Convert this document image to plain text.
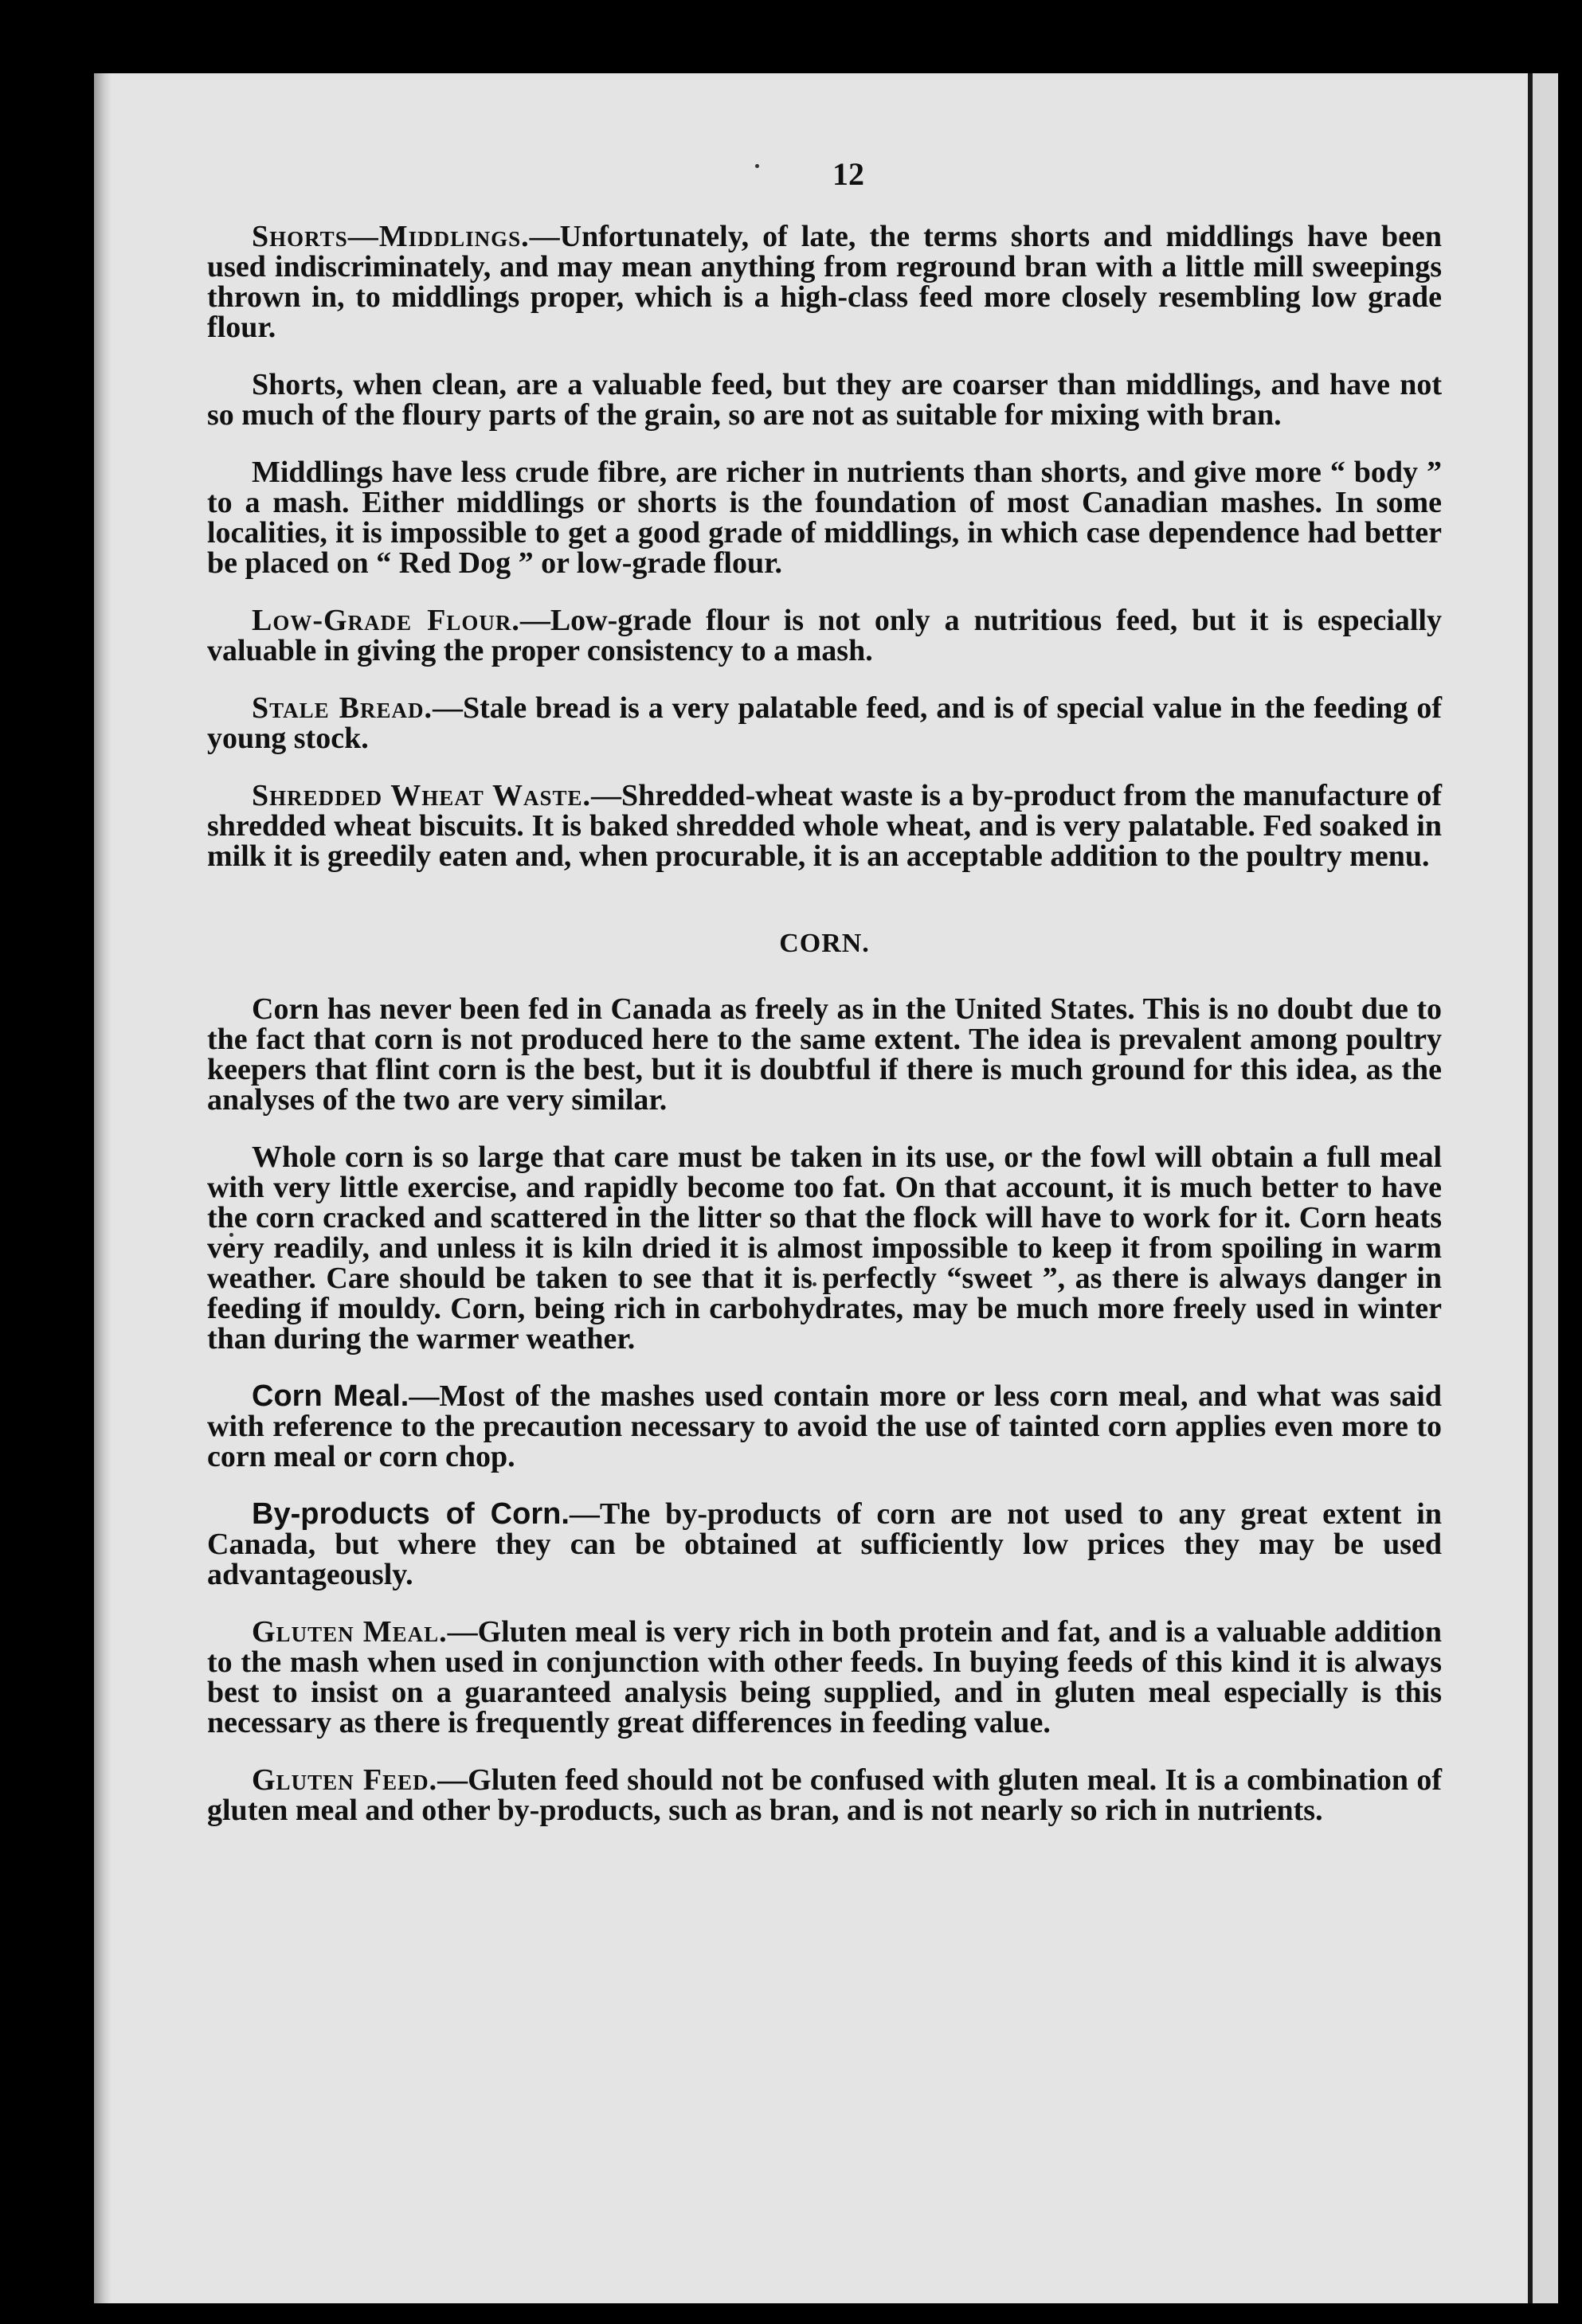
12

Shorts—Middlings.—Unfortunately, of late, the terms shorts and middlings have been used indiscriminately, and may mean anything from reground bran with a little mill sweepings thrown in, to middlings proper, which is a high-class feed more closely resembling low grade flour.

Shorts, when clean, are a valuable feed, but they are coarser than middlings, and have not so much of the floury parts of the grain, so are not as suitable for mixing with bran.

Middlings have less crude fibre, are richer in nutrients than shorts, and give more “ body ” to a mash. Either middlings or shorts is the foundation of most Canadian mashes. In some localities, it is impossible to get a good grade of middlings, in which case dependence had better be placed on “ Red Dog ” or low-grade flour.

Low-Grade Flour.—Low-grade flour is not only a nutritious feed, but it is especially valuable in giving the proper consistency to a mash.

Stale Bread.—Stale bread is a very palatable feed, and is of special value in the feeding of young stock.

Shredded Wheat Waste.—Shredded-wheat waste is a by-product from the manufacture of shredded wheat biscuits. It is baked shredded whole wheat, and is very palatable. Fed soaked in milk it is greedily eaten and, when procurable, it is an acceptable addition to the poultry menu.

CORN.

Corn has never been fed in Canada as freely as in the United States. This is no doubt due to the fact that corn is not produced here to the same extent. The idea is prevalent among poultry keepers that flint corn is the best, but it is doubtful if there is much ground for this idea, as the analyses of the two are very similar.

Whole corn is so large that care must be taken in its use, or the fowl will obtain a full meal with very little exercise, and rapidly become too fat. On that account, it is much better to have the corn cracked and scattered in the litter so that the flock will have to work for it. Corn heats very readily, and unless it is kiln dried it is almost impossible to keep it from spoiling in warm weather. Care should be taken to see that it is perfectly “sweet ”, as there is always danger in feeding if mouldy. Corn, being rich in carbohydrates, may be much more freely used in winter than during the warmer weather.

Corn Meal.—Most of the mashes used contain more or less corn meal, and what was said with reference to the precaution necessary to avoid the use of tainted corn applies even more to corn meal or corn chop.

By-products of Corn.—The by-products of corn are not used to any great extent in Canada, but where they can be obtained at sufficiently low prices they may be used advantageously.

Gluten Meal.—Gluten meal is very rich in both protein and fat, and is a valuable addition to the mash when used in conjunction with other feeds. In buying feeds of this kind it is always best to insist on a guaranteed analysis being supplied, and in gluten meal especially is this necessary as there is frequently great differences in feeding value.

Gluten Feed.—Gluten feed should not be confused with gluten meal. It is a combination of gluten meal and other by-products, such as bran, and is not nearly so rich in nutrients.
